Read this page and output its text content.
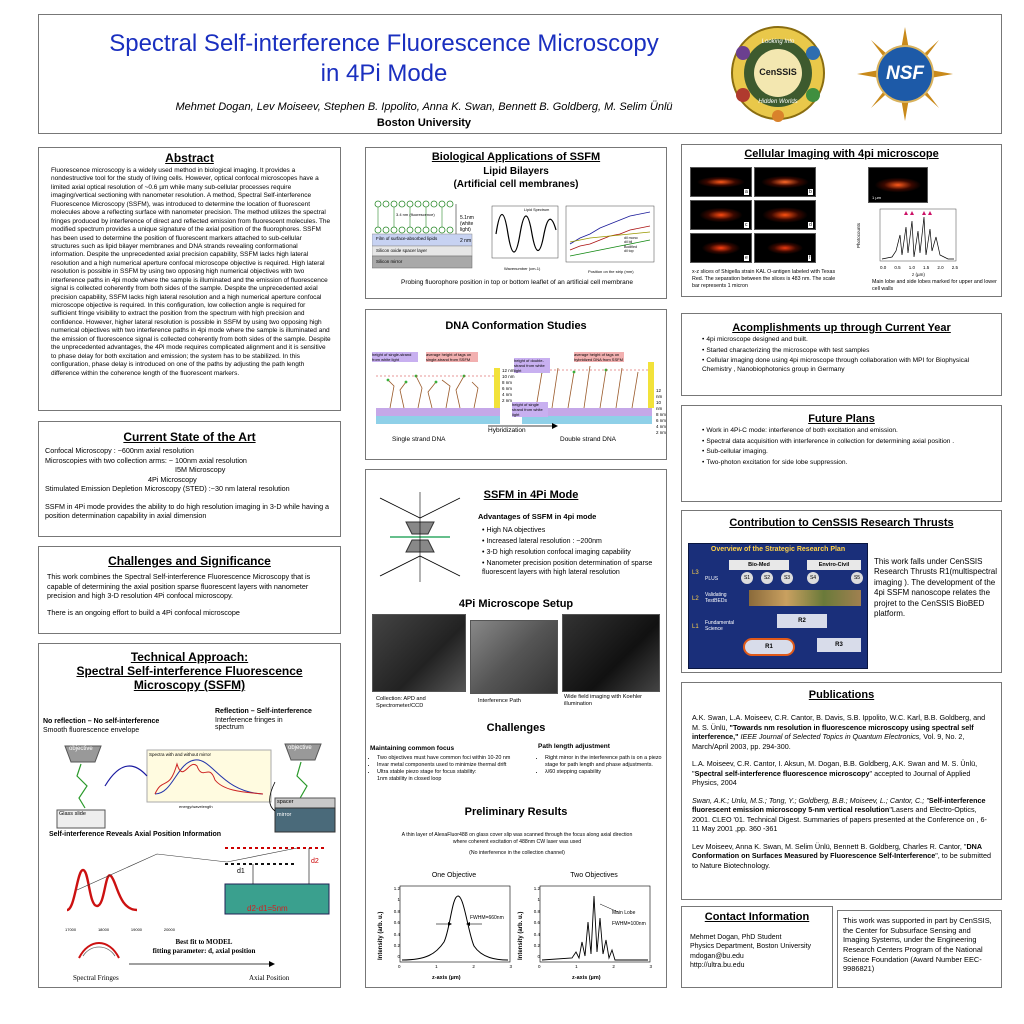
Spectral Self-interference Fluorescence Microscopy
in 4Pi Mode
Mehmet Dogan, Lev Moiseev, Stephen B. Ippolito, Anna K. Swan, Bennett B. Goldberg, M. Selim Ünlü
Boston University
Looking Into
CenSSIS
Hidden Worlds
NSF
Abstract
Fluorescence microscopy is a widely used method in biological imaging. It provides a nondestructive tool for the study of living cells. However, optical confocal microscopes have a limited axial optical resolution of ~0.6 µm while many sub-cellular processes require imaging/vertical sectioning with nanometer resolution. A method, Spectral Self-interference Fluorescence Microscopy (SSFM), was introduced to determine the location of fluorescent molecules above a reflecting surface with nanometer precision. The method utilizes the spectral fringes produced by interference of direct and reflected emission from fluorescent molecules. The modified spectrum provides a unique signature of the axial position of the fluorophores. SSFM has been used to determine the position of fluorescent markers attached to sub-cellular structures such as lipid bilayer membranes and DNA strands revealing conformational information. Despite the unprecedented axial precision capability, SSFM lacks high lateral resolution and a high numerical aperture confocal microscope objective is required. High lateral resolution is possible in SSFM by using two opposing high numerical objectives with two interference paths in 4pi mode where the sample is illuminated and the emission of fluorescence signal is collected coherently from both sides of the sample. Despite the unprecedented axial precision capability, SSFM lacks high lateral resolution and a high numerical aperture confocal microscope objective is required. In this configuration, low collection angle is required for sufficient fringe visibility to extract the position from the spectrum with high precision and confidence. However, higher lateral resolution is possible in SSFM by using two opposing high numerical objectives with two interference paths in 4pi mode where the sample is illuminated and the emission of fluorescence signal is collected coherently from both sides of the sample. Despite the unprecedented advantages, the 4Pi mode requires complicated alignment and it is sensitive to phase delay for both excitation and emission; the system has to be stabilized. In this configuration, phase delay is introduced on one of the paths by adjusting the path length difference within the coherence length of the fluorescent markers.
Current State of the Art
Confocal Microscopy : ~600nm axial resolution
Microscopies with two collection arms: ~ 100nm axial resolution
I5M Microscopy
4Pi Microscopy
Stimulated Emission Depletion Microscopy (STED) :~30 nm lateral resolution
SSFM in 4Pi mode provides the ability to do high resolution imaging in 3-D while having a position determination capability in axial dimension
Challenges and Significance
This work combines the Spectral Self-interference Fluorescence Microscopy that is capable of determining the axial position sparse fluorescent layers with nanometer precision and high 3-D resolution 4Pi confocal microscopy.
There is an ongoing effort to build a 4Pi confocal microscope
Technical Approach:
Spectral Self-interference Fluorescence
Microscopy (SSFM)
No reflection – No self-interference
Smooth fluorescence envelope
Reflection – Self-interference
Interference fringes in spectrum
objective	objective
Glass slide
spacer
mirror
Spectra with and without mirror
energy/wavelength
Self-interference Reveals Axial Position Information
d1
d2
d2-d1=5nm
17000	18000	19000	20000
Best fit to MODEL
fitting parameter: d, axial position
Spectral Fringes	Axial Position
Biological Applications of SSFM
Lipid Bilayers
(Artificial cell membranes)
3.4 nm (fluorescence)
Film of surface-absorbed lipids
Silicon oxide spacer layer
Silicon mirror
5.1nm (white light)
2 nm
Lipid Spectrum
Wavenumber (cm-1)
dil mono
dil bil
Bodified
dil top
Position on the strip (mm)
Probing fluorophore position in top or bottom leaflet of an artificial cell membrane
DNA Conformation Studies
height of single-strand from white light
average height of tags on single-strand from SSFM	height of double-strand from white light
height of single strand from white light
average height of tags on hybridized DNA from SSFM
12 nm
10 nm
8 nm
6 nm
4 nm
2 nm
12 nm
10 nm
8 nm
6 nm
4 nm
2 nm
Hybridization
Single strand DNA	Double strand DNA
SSFM in 4Pi Mode
Advantages of SSFM in 4pi mode
• High NA objectives
• Increased lateral resolution : ~200nm
• 3-D high resolution confocal imaging capability
• Nanometer precision position determination of sparse fluorescent layers with high lateral resolution
4Pi Microscope Setup
Collection: APD and Spectrometer/CCD
Interference Path
Wide field imaging with Koehler illumination
Challenges
Maintaining common focus
• Two objectives must have common foci within 10-20 nm
• Invar metal components used to minimize thermal drift
• Ultra stable piezo stage for focus stability:
1nm stability in closed loop
Path length adjustment
• Right mirror in the interference path is on a piezo stage for path length and phase adjustments.
• λ/60 stepping capability
Preliminary Results
A thin layer of AlexaFluor488 on glass cover slip was scanned through the focus along axial direction where coherent excitation of 488nm CW laser was used
(No interference in the collection channel)
One Objective	Two Objectives
Intensity (arb. u.)
1.2
1
0.8
0.6
0.4
0.2
0
0	1	2	3
z-axis (µm)
FWHM=660nm Intensity (arb. u.)
1.2
1
0.8
0.6
0.4
0.2
0
0	1	2	3
z-axis (µm)
Main Lobe
FWHM=100nm
Cellular Imaging with 4pi microscope
a	b
c	d
e	f
1 µm
Photocounts
0.0 0.5 1.0 1.5 2.0 2.5
z (µm)
x-z slices of Shigella strain KAL O-antigen labeled with Texas Red. The separation between the slices is 483 nm. The scale bar represents 1 micron
Main lobe and side lobes marked for upper and lower cell walls
Acomplishments up through Current Year
• 4pi microscope designed and built.
• Started characterizing the microscope with test samples
• Cellular imaging done using 4pi microscope through collaboration with MPI for Biophysical Chemistry , Nanobiophotonics group in Germany
Future Plans
• Work in 4Pi-C mode: interference of both excitation and emission.
• Spectral data acquisition with interference in collection for determining axial position .
• Sub-cellular imaging.
• Two-photon excitation for side lobe suppression.
Contribution to CenSSIS Research Thrusts
Overview of the Strategic Research Plan
L3
L2
L1
Bio-Med	Enviro-Civil
PLUS	S1	S2	S3	S4	S5
Validating TestBEDs
Fundamental Science
R2
R1	R3
This work falls under CenSSIS Research Thrusts R1(multispectral imaging ). The development of the 4pi SSFM nanoscope relates the projret to the CenSSIS BioBED platform.
Publications
A.K. Swan, L.A. Moiseev, C.R. Cantor, B. Davis, S.B. Ippolito, W.C. Karl, B.B. Goldberg, and M. S. Ünlü, "Towards nm resolution in fluorescence microscopy using spectral self interference," IEEE Journal of Selected Topics in Quantum Electronics, Vol. 9, No. 2, March/April 2003, pp. 294-300.
L.A. Moiseev, C.R. Cantor, I. Aksun, M. Dogan, B.B. Goldberg, A.K. Swan and M. S. Ünlü, "Spectral self-interference fluorescence microscopy" accepted to Journal of Applied Physics, 2004
Swan, A.K.; Unlu, M.S.; Tong, Y.; Goldberg, B.B.; Moiseev, L.; Cantor, C.; "Self-interference fluorescent emission microscopy 5-nm vertical resolution"Lasers and Electro-Optics, 2001. CLEO '01. Technical Digest. Summaries of papers presented at the Conference on , 6-11 May 2001 ,pp. 360 -361
Lev Moiseev, Anna K. Swan, M. Selim Ünlü, Bennett B. Goldberg, Charles R. Cantor, "DNA Conformation on Surfaces Measured by Fluorescence Self-Interference", to be submitted to Nature Biotechnology.
Contact Information
Mehmet Dogan, PhD Student
Physics Department, Boston University
mdogan@bu.edu
http://ultra.bu.edu
This work was supported in part by CenSSIS, the Center for Subsurface Sensing and Imaging Systems, under the Engineering Research Centers Program of the National Science Foundation (Award Number EEC-9986821)
